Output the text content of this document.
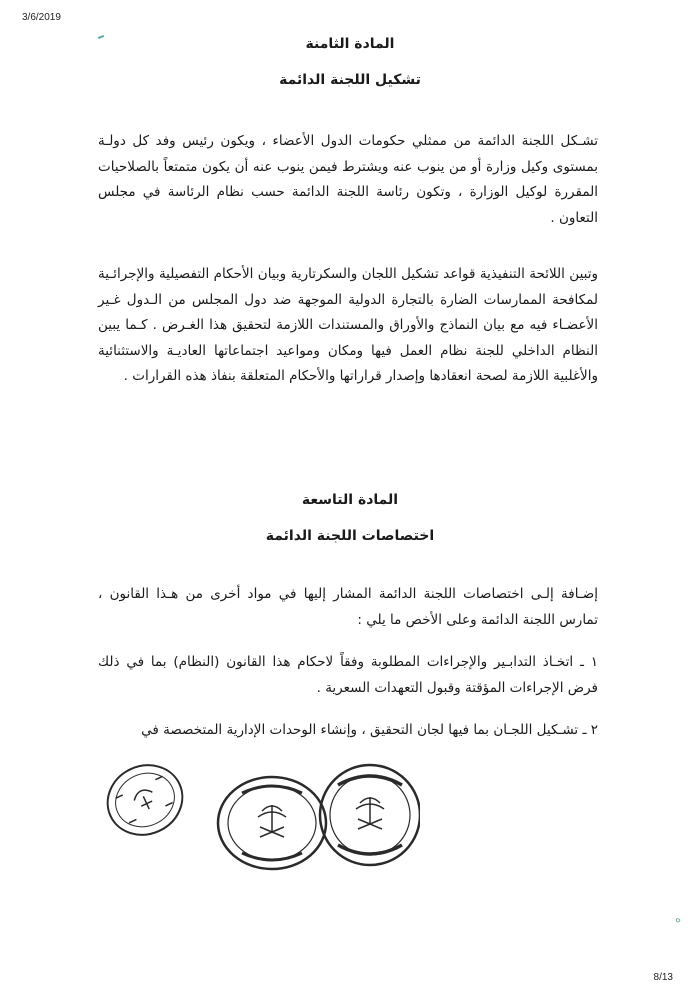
3/6/2019
المادة الثامنة
تشكيل اللجنة الدائمة
تشـكل اللجنة الدائمة من ممثلي حكومات الدول الأعضاء ، ويكون رئيس وفد كل دولـة بمستوى وكيل وزارة أو من ينوب عنه ويشترط فيمن ينوب عنه أن يكون متمتعاً بالصلاحيات المقررة لوكيل الوزارة ، وتكون رئاسة اللجنة الدائمة حسب نظام الرئاسة في مجلس التعاون .
وتبين اللائحة التنفيذية قواعد تشكيل اللجان والسكرتارية وبيان الأحكام التفصيلية والإجرائـية لمكافحة الممارسات الضارة بالتجارة الدولية الموجهة ضد دول المجلس من الـدول غـير الأعضـاء فيه مع بيان النماذج والأوراق والمستندات اللازمة لتحقيق هذا الغـرض . كـما يبين النظام الداخلي للجنة نظام العمل فيها ومكان ومواعيد اجتماعاتها العاديـة والاستثنائية والأغلبية اللازمة لصحة انعقادها وإصدار قراراتها والأحكام المتعلقة بنفاذ هذه القرارات .
المادة التاسعة
اختصاصات اللجنة الدائمة
إضـافة إلـى اختصاصات اللجنة الدائمة المشار إليها في مواد أخرى من هـذا القانون ، تمارس اللجنة الدائمة وعلى الأخص ما يلي :
١ ـ اتخـاذ التدابـير والإجراءات المطلوبة وفقاً لاحكام هذا القانون (النظام) بما في ذلك فرض الإجراءات المؤقتة وقبول التعهدات السعرية .
٢ ـ تشـكيل اللجـان بما فيها لجان التحقيق ، وإنشاء الوحدات الإدارية المتخصصة في
ه
8/13
